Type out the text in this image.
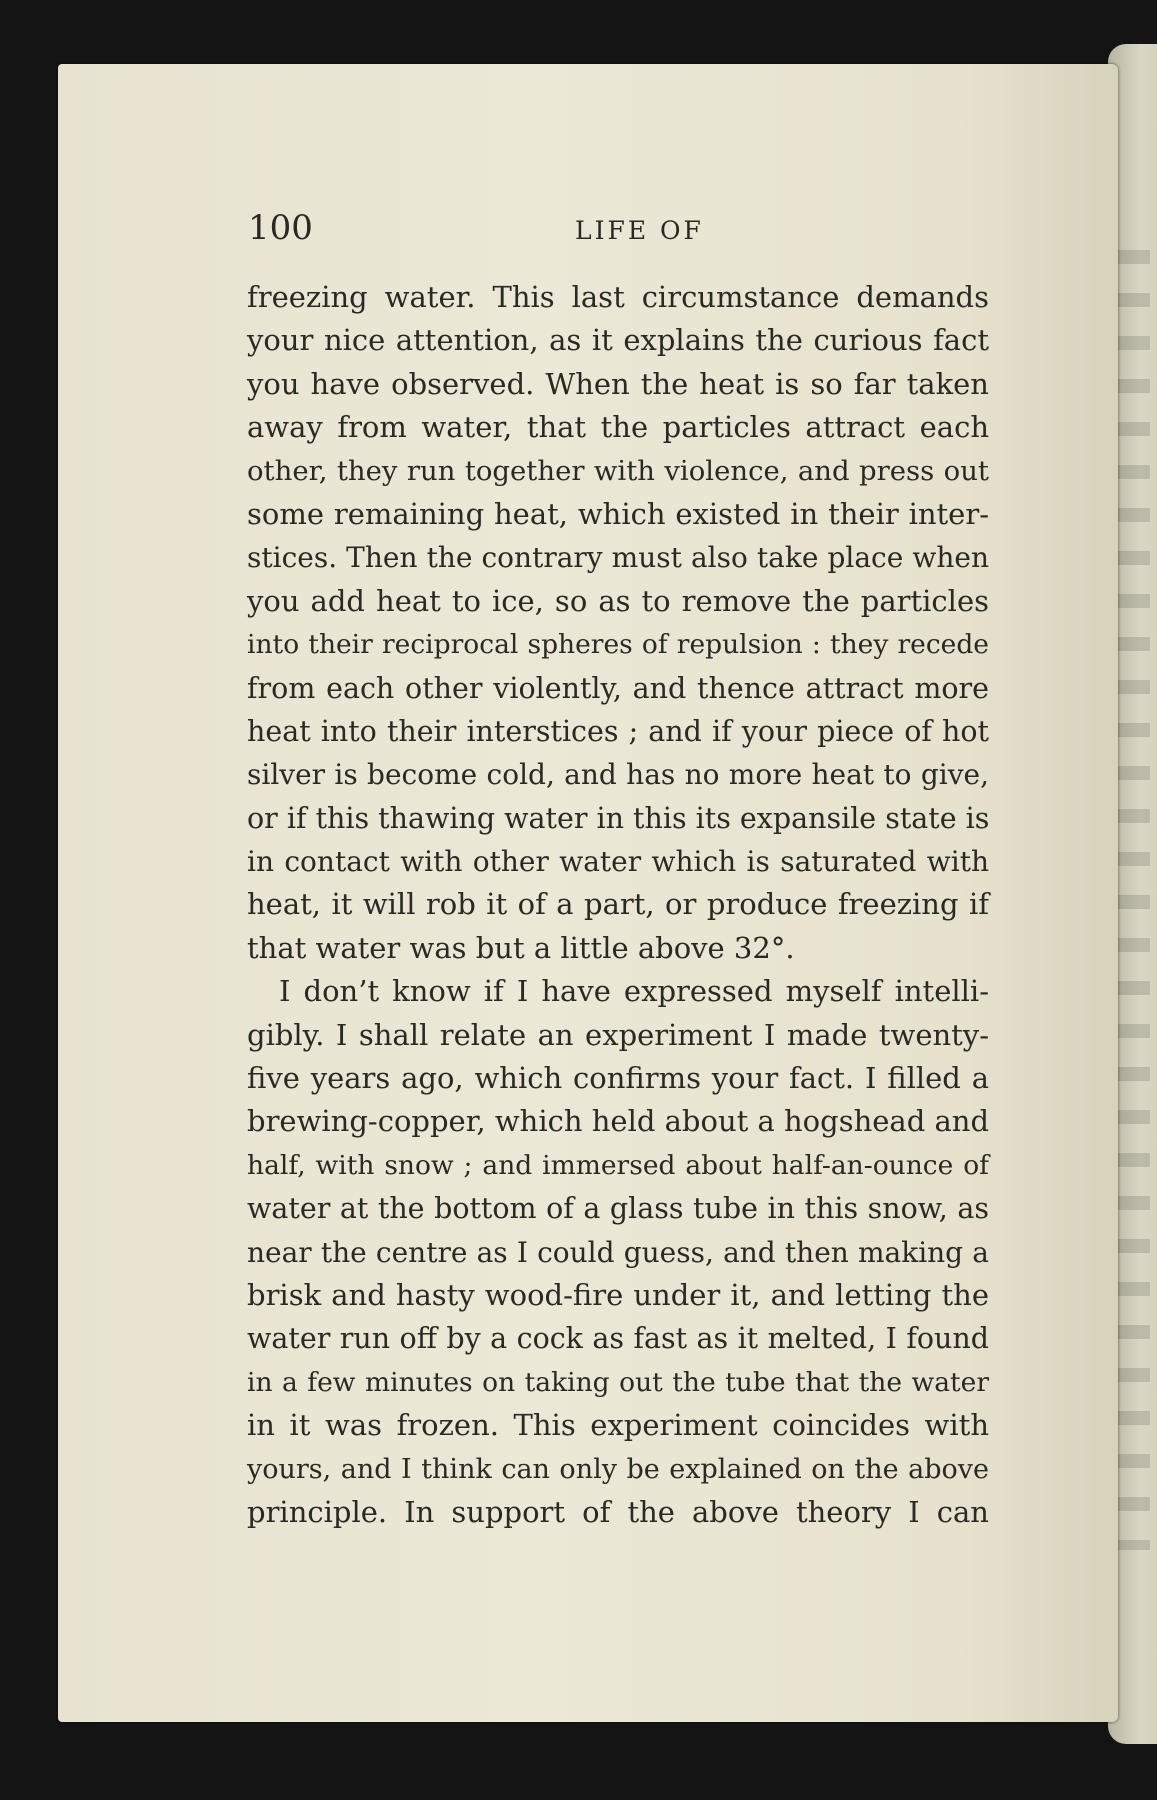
100	LIFE OF
freezing water. This last circumstance demands
your nice attention, as it explains the curious fact
you have observed. When the heat is so far taken
away from water, that the particles attract each
other, they run together with violence, and press out
some remaining heat, which existed in their inter-
stices. Then the contrary must also take place when
you add heat to ice, so as to remove the particles
into their reciprocal spheres of repulsion : they recede
from each other violently, and thence attract more
heat into their interstices ; and if your piece of hot
silver is become cold, and has no more heat to give,
or if this thawing water in this its expansile state is
in contact with other water which is saturated with
heat, it will rob it of a part, or produce freezing if
that water was but a little above 32°.
I don’t know if I have expressed myself intelli-
gibly. I shall relate an experiment I made twenty-
five years ago, which confirms your fact. I filled a
brewing-copper, which held about a hogshead and
half, with snow ; and immersed about half-an-ounce of
water at the bottom of a glass tube in this snow, as
near the centre as I could guess, and then making a
brisk and hasty wood-fire under it, and letting the
water run off by a cock as fast as it melted, I found
in a few minutes on taking out the tube that the water
in it was frozen. This experiment coincides with
yours, and I think can only be explained on the above
principle. In support of the above theory I can
